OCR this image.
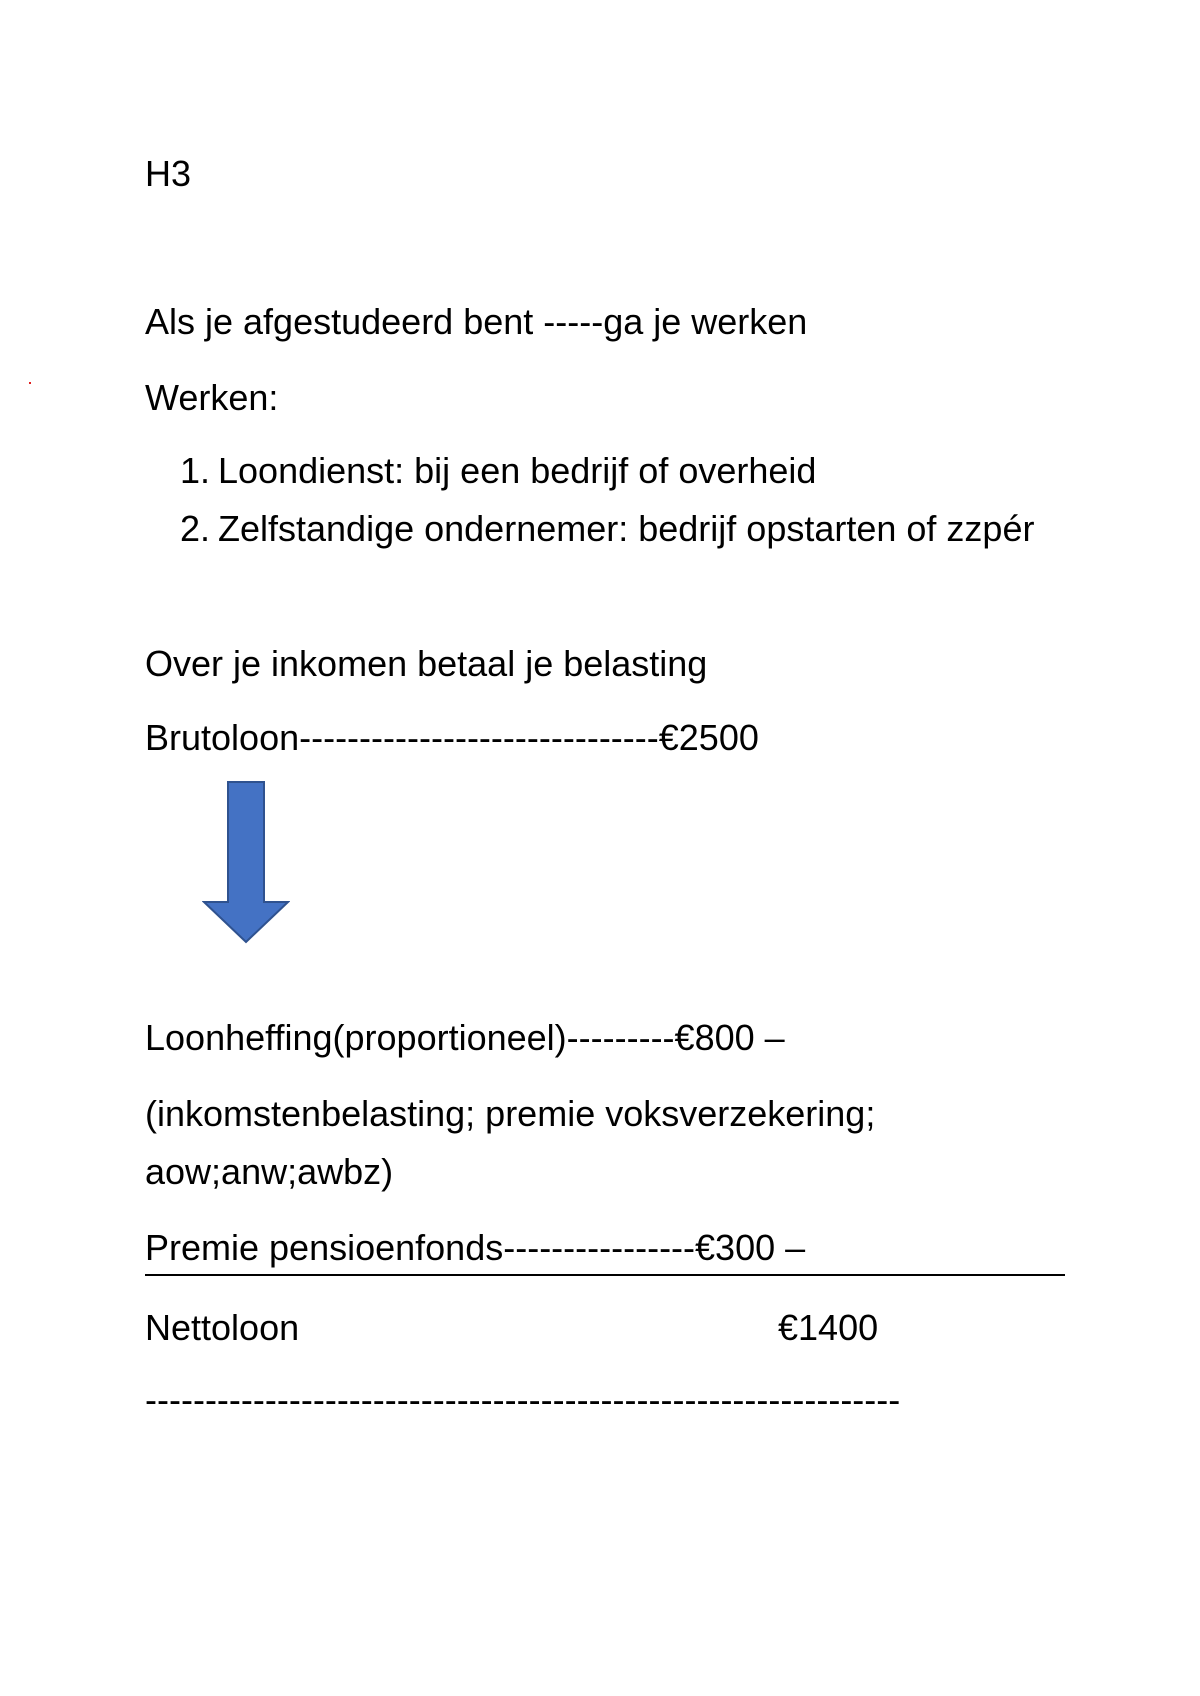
H3
Als je afgestudeerd bent -----ga je werken
Werken:
1. Loondienst: bij een bedrijf of overheid
2. Zelfstandige ondernemer: bedrijf opstarten of zzpér
Over je inkomen betaal je belasting
Brutoloon------------------------------€2500
Loonheffing(proportioneel)---------€800 –
(inkomstenbelasting; premie voksverzekering;
aow;anw;awbz)
Premie pensioenfonds----------------€300 –
Nettoloon	€1400
---------------------------------------------------------------
